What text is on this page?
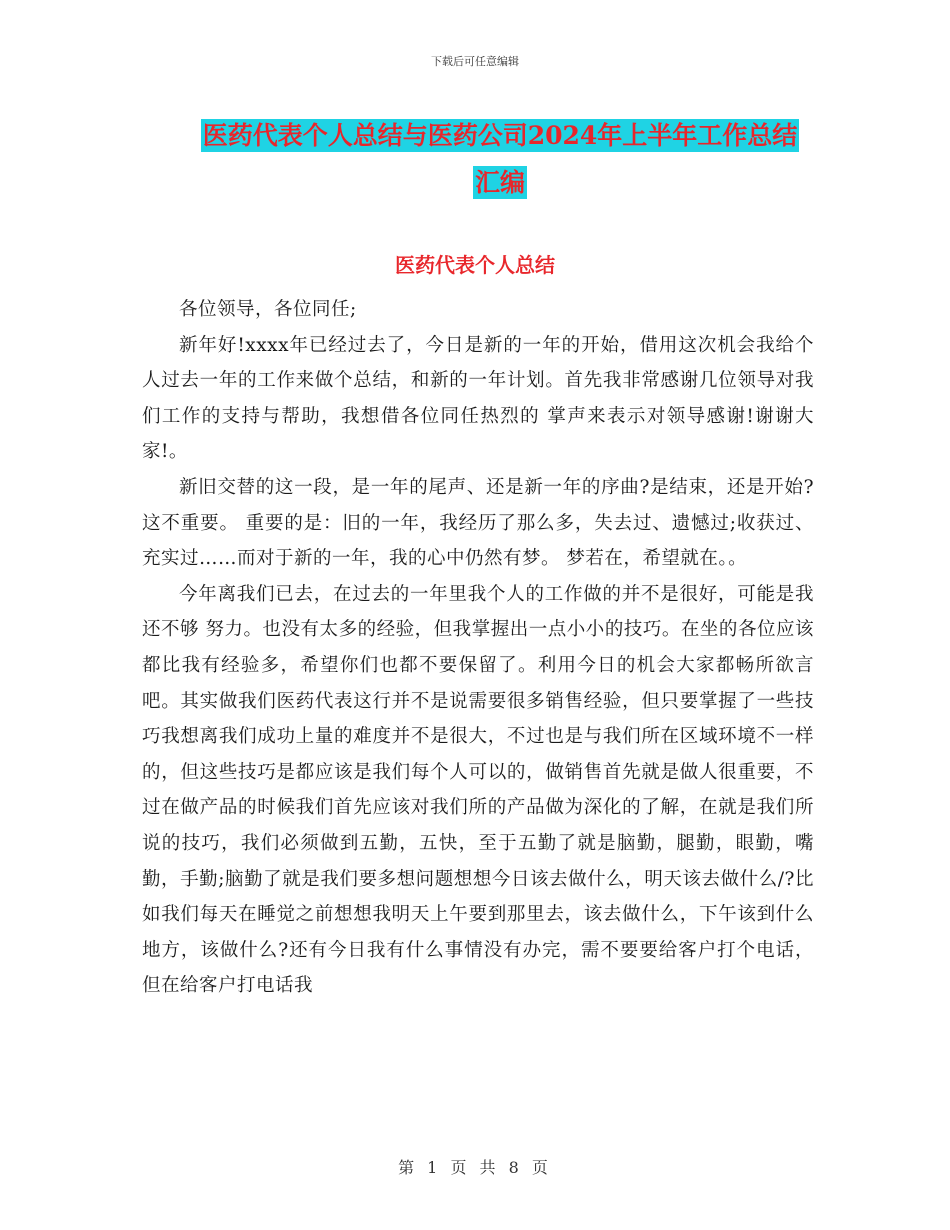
下载后可任意编辑
医药代表个人总结与医药公司2024年上半年工作总结
汇编
医药代表个人总结

各位领导，各位同任;

新年好!xxxx年已经过去了，今日是新的一年的开始，借用这次机会我给个人过去一年的工作来做个总结，和新的一年计划。首先我非常感谢几位领导对我们工作的支持与帮助，我想借各位同任热烈的 掌声来表示对领导感谢!谢谢大家!。

新旧交替的这一段，是一年的尾声、还是新一年的序曲?是结束，还是开始? 这不重要。 重要的是：旧的一年，我经历了那么多，失去过、遗憾过;收获过、充实过……而对于新的一年，我的心中仍然有梦。 梦若在，希望就在。。

今年离我们已去，在过去的一年里我个人的工作做的并不是很好，可能是我还不够 努力。也没有太多的经验，但我掌握出一点小小的技巧。在坐的各位应该都比我有经验多，希望你们也都不要保留了。利用今日的机会大家都畅所欲言吧。其实做我们医药代表这行并不是说需要很多销售经验，但只要掌握了一些技巧我想离我们成功上量的难度并不是很大，不过也是与我们所在区域环境不一样的，但这些技巧是都应该是我们每个人可以的，做销售首先就是做人很重要，不过在做产品的时候我们首先应该对我们所的产品做为深化的了解，在就是我们所说的技巧，我们必须做到五勤，五快，至于五勤了就是脑勤，腿勤，眼勤，嘴勤，手勤;脑勤了就是我们要多想问题想想今日该去做什么，明天该去做什么/?比如我们每天在睡觉之前想想我明天上午要到那里去，该去做什么，下午该到什么地方，该做什么?还有今日我有什么事情没有办完，需不要要给客户打个电话，但在给客户打电话我

第 1 页 共 8 页
